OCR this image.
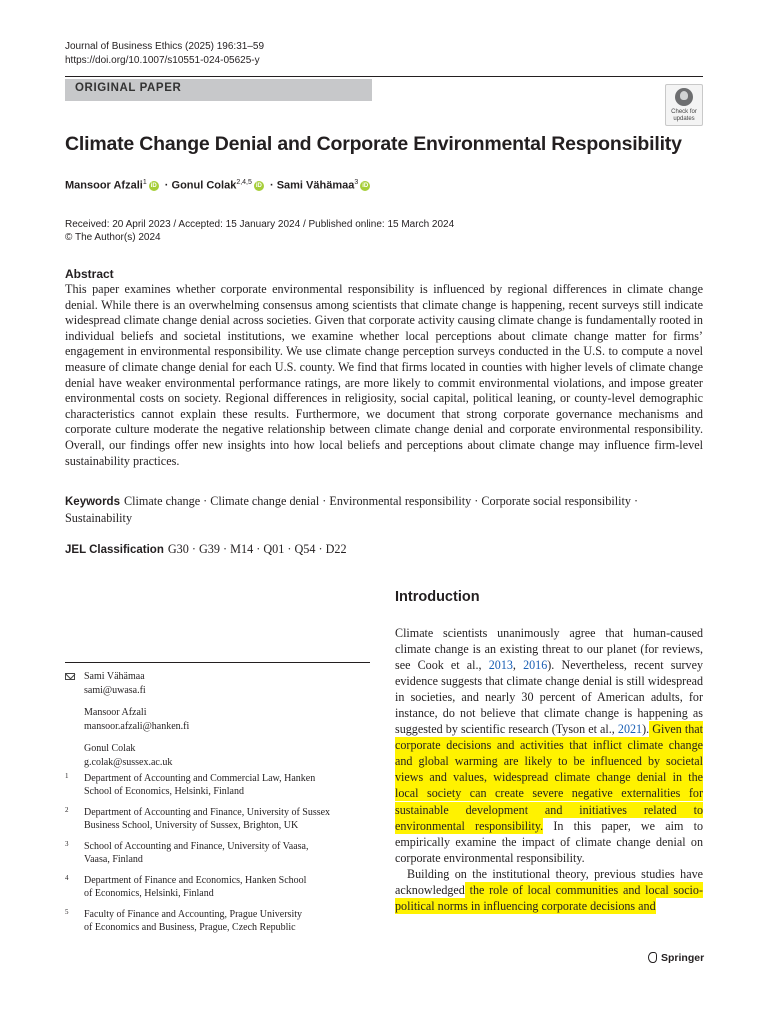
Journal of Business Ethics (2025) 196:31–59
https://doi.org/10.1007/s10551-024-05625-y
ORIGINAL PAPER
Check for
updates
Climate Change Denial and Corporate Environmental Responsibility
Mansoor Afzali$^1$ iD · Gonul Colak$^{2,4,5}$ iD · Sami Vähämaa$^3$ iD
Received: 20 April 2023 / Accepted: 15 January 2024 / Published online: 15 March 2024
© The Author(s) 2024
Abstract
This paper examines whether corporate environmental responsibility is influenced by regional differences in climate change denial. While there is an overwhelming consensus among scientists that climate change is happening, recent surveys still indicate widespread climate change denial across societies. Given that corporate activity causing climate change is fundamentally rooted in individual beliefs and societal institutions, we examine whether local perceptions about climate change matter for firms’ engagement in environmental responsibility. We use climate change perception surveys conducted in the U.S. to compute a novel measure of climate change denial for each U.S. county. We find that firms located in counties with higher levels of climate change denial have weaker environmental performance ratings, are more likely to commit environmental violations, and impose greater environmental costs on society. Regional differences in religiosity, social capital, political leaning, or county-level demographic characteristics cannot explain these results. Furthermore, we document that strong corporate governance mechanisms and corporate culture moderate the negative relationship between climate change denial and corporate environmental responsibility. Overall, our findings offer new insights into how local beliefs and perceptions about climate change may influence firm-level sustainability practices.
Keywords Climate change · Climate change denial · Environmental responsibility · Corporate social responsibility · Sustainability
JEL Classification G30 · G39 · M14 · Q01 · Q54 · D22
Introduction

Climate scientists unanimously agree that human-caused climate change is an existing threat to our planet (for reviews, see Cook et al., 2013, 2016). Nevertheless, recent survey evidence suggests that climate change denial is still widespread in societies, and nearly 30 percent of American adults, for instance, do not believe that climate change is happening as suggested by scientific research (Tyson et al., 2021). Given that corporate decisions and activities that inflict climate change and global warming are likely to be influenced by societal views and values, widespread climate change denial in the local society can create severe negative externalities for sustainable development and initiatives related to environmental responsibility. In this paper, we aim to empirically examine the impact of climate change denial on corporate environmental responsibility.

Building on the institutional theory, previous studies have acknowledged the role of local communities and local socio-political norms in influencing corporate decisions and

Sami Vähämaa
sami@uwasa.fi
Mansoor Afzali
mansoor.afzali@hanken.fi
Gonul Colak
g.colak@sussex.ac.uk
1 Department of Accounting and Commercial Law, Hanken
School of Economics, Helsinki, Finland
2 Department of Accounting and Finance, University of Sussex
Business School, University of Sussex, Brighton, UK
3 School of Accounting and Finance, University of Vaasa,
Vaasa, Finland
4 Department of Finance and Economics, Hanken School
of Economics, Helsinki, Finland
5 Faculty of Finance and Accounting, Prague University
of Economics and Business, Prague, Czech Republic
Springer
